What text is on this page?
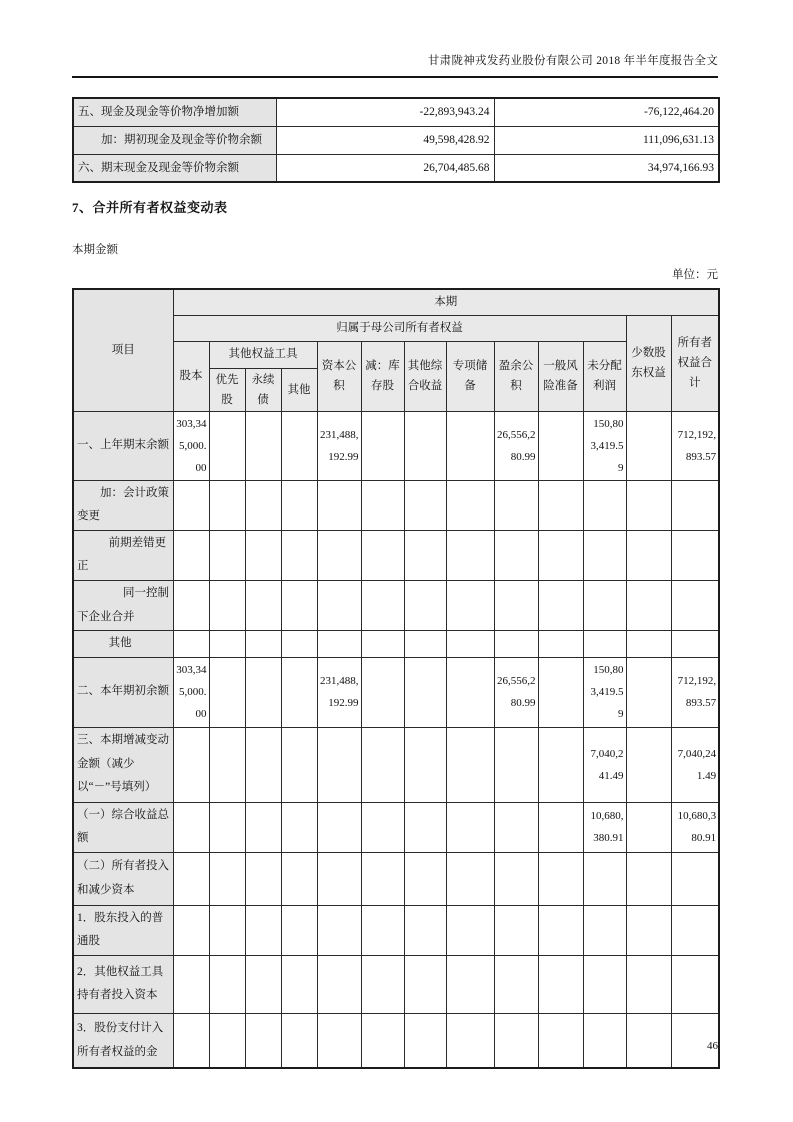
甘肃陇神戎发药业股份有限公司 2018 年半年度报告全文
五、现金及现金等价物净增加额	-22,893,943.24	-76,122,464.20
加：期初现金及现金等价物余额	49,598,428.92	111,096,631.13
六、期末现金及现金等价物余额	26,704,485.68	34,974,166.93
7、合并所有者权益变动表
本期金额
单位：元
项目	本期												
	归属于母公司所有者权益											少数股东权益	所有者权益合计
	股本	其他权益工具			资本公积	减：库存股	其他综合收益	专项储备	盈余公积	一般风险准备	未分配利润		
		优先股	永续债	其他									
一、上年期末余额	303,345,000.00				231,488,192.99				26,556,280.99		150,803,419.59		712,192,893.57
加：会计政策变更													
前期差错更正													
同一控制下企业合并													
其他													
二、本年期初余额	303,345,000.00				231,488,192.99				26,556,280.99		150,803,419.59		712,192,893.57
三、本期增减变动金额（减少以“－”号填列）											7,040,241.49		7,040,241.49
（一）综合收益总额											10,680,380.91		10,680,380.91
（二）所有者投入和减少资本													
1．股东投入的普通股													
2．其他权益工具持有者投入资本													
3．股份支付计入所有者权益的金														46
